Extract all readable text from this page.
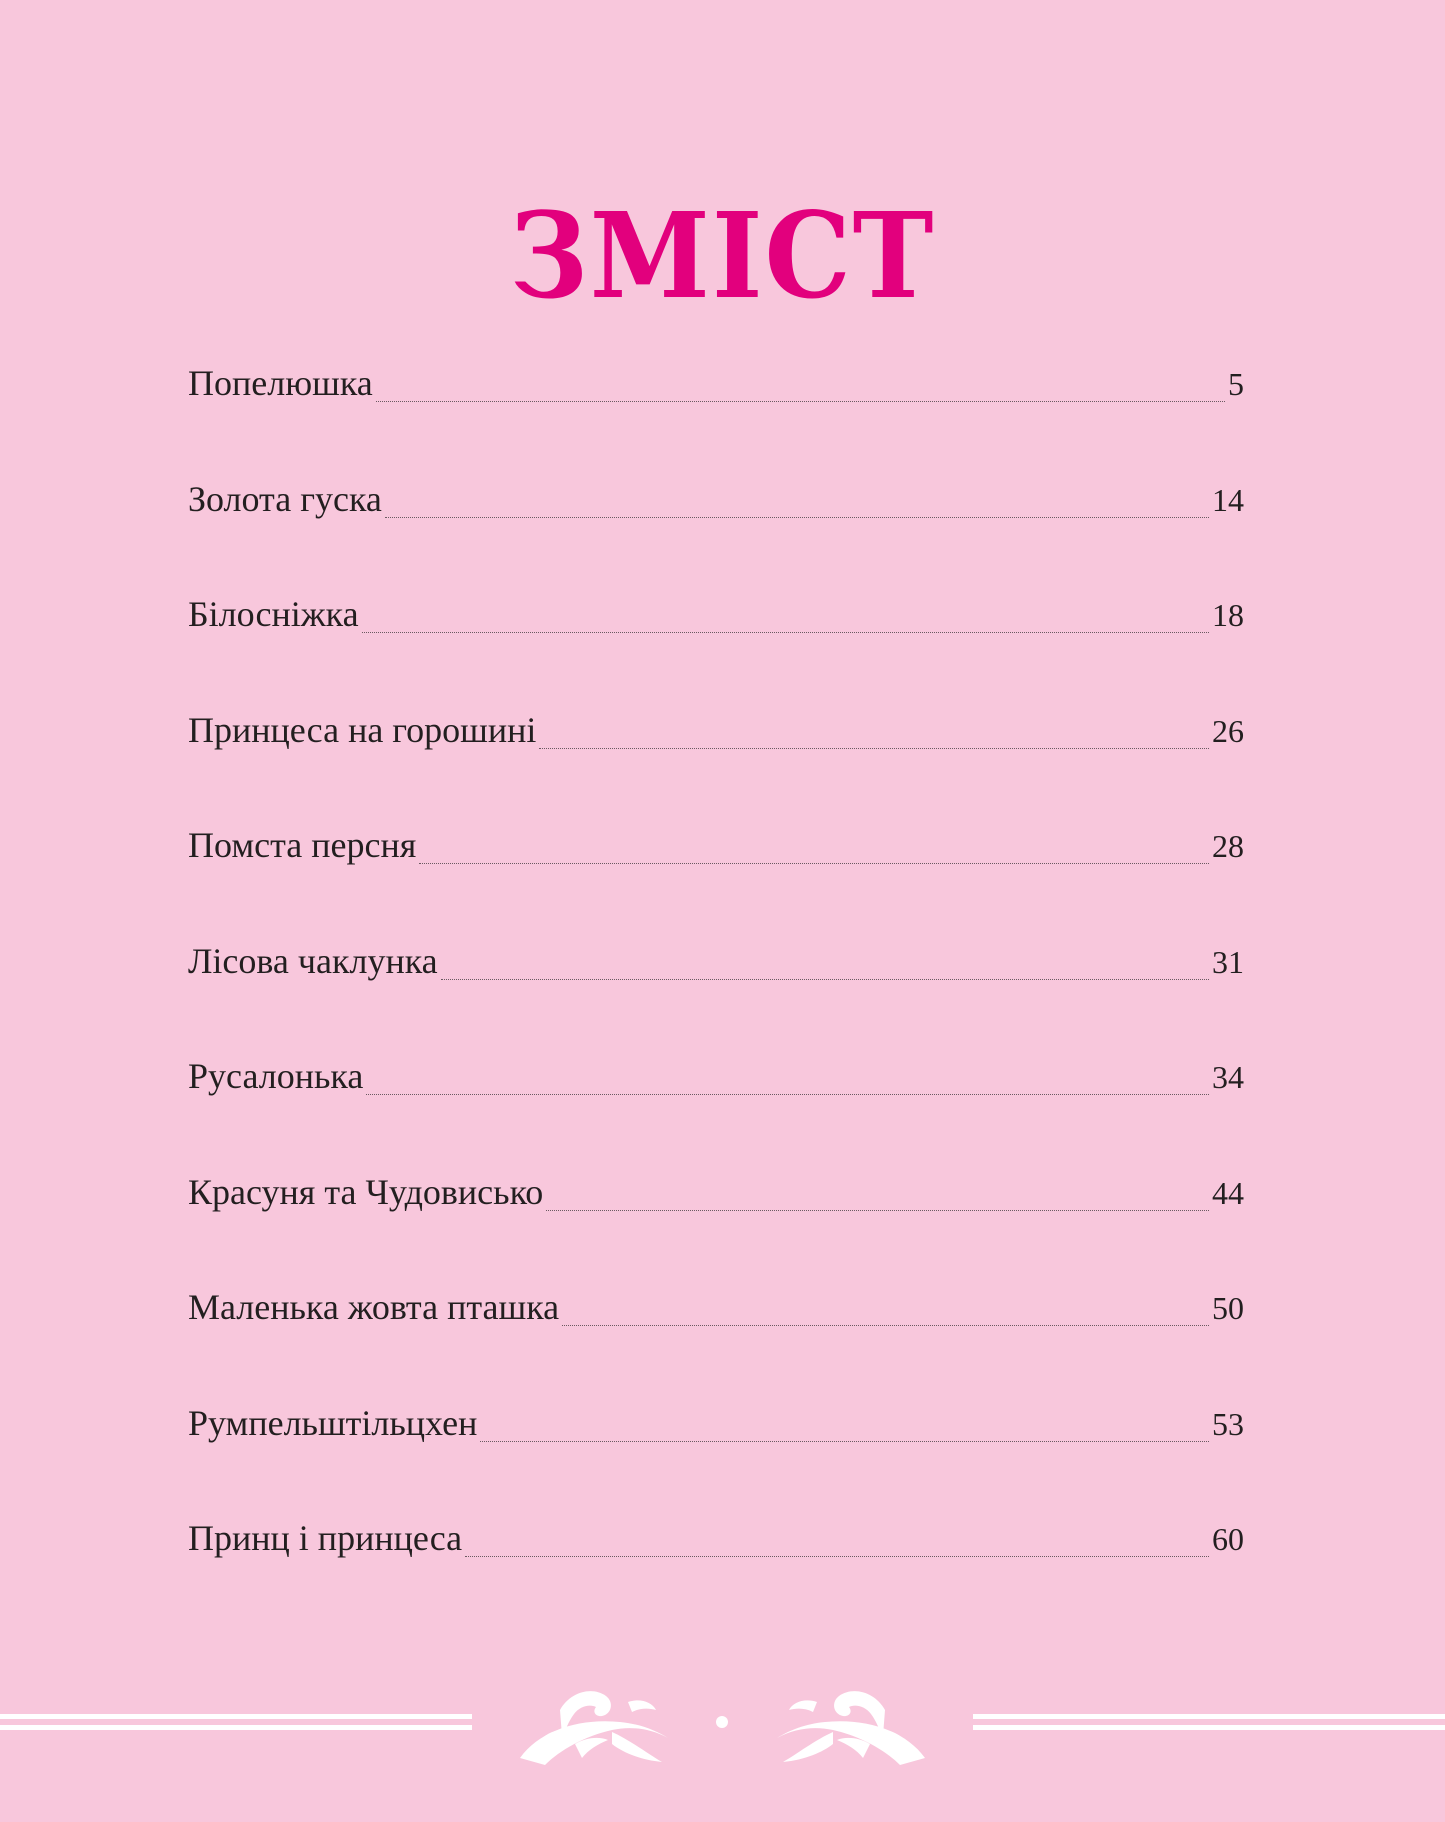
ЗМІСТ
Попелюшка	5
Золота гуска	14
Білосніжка	18
Принцеса на горошині	26
Помста персня	28
Лісова чаклунка	31
Русалонька	34
Красуня та Чудовисько	44
Маленька жовта пташка	50
Румпельштільцхен	53
Принц і принцеса	60
